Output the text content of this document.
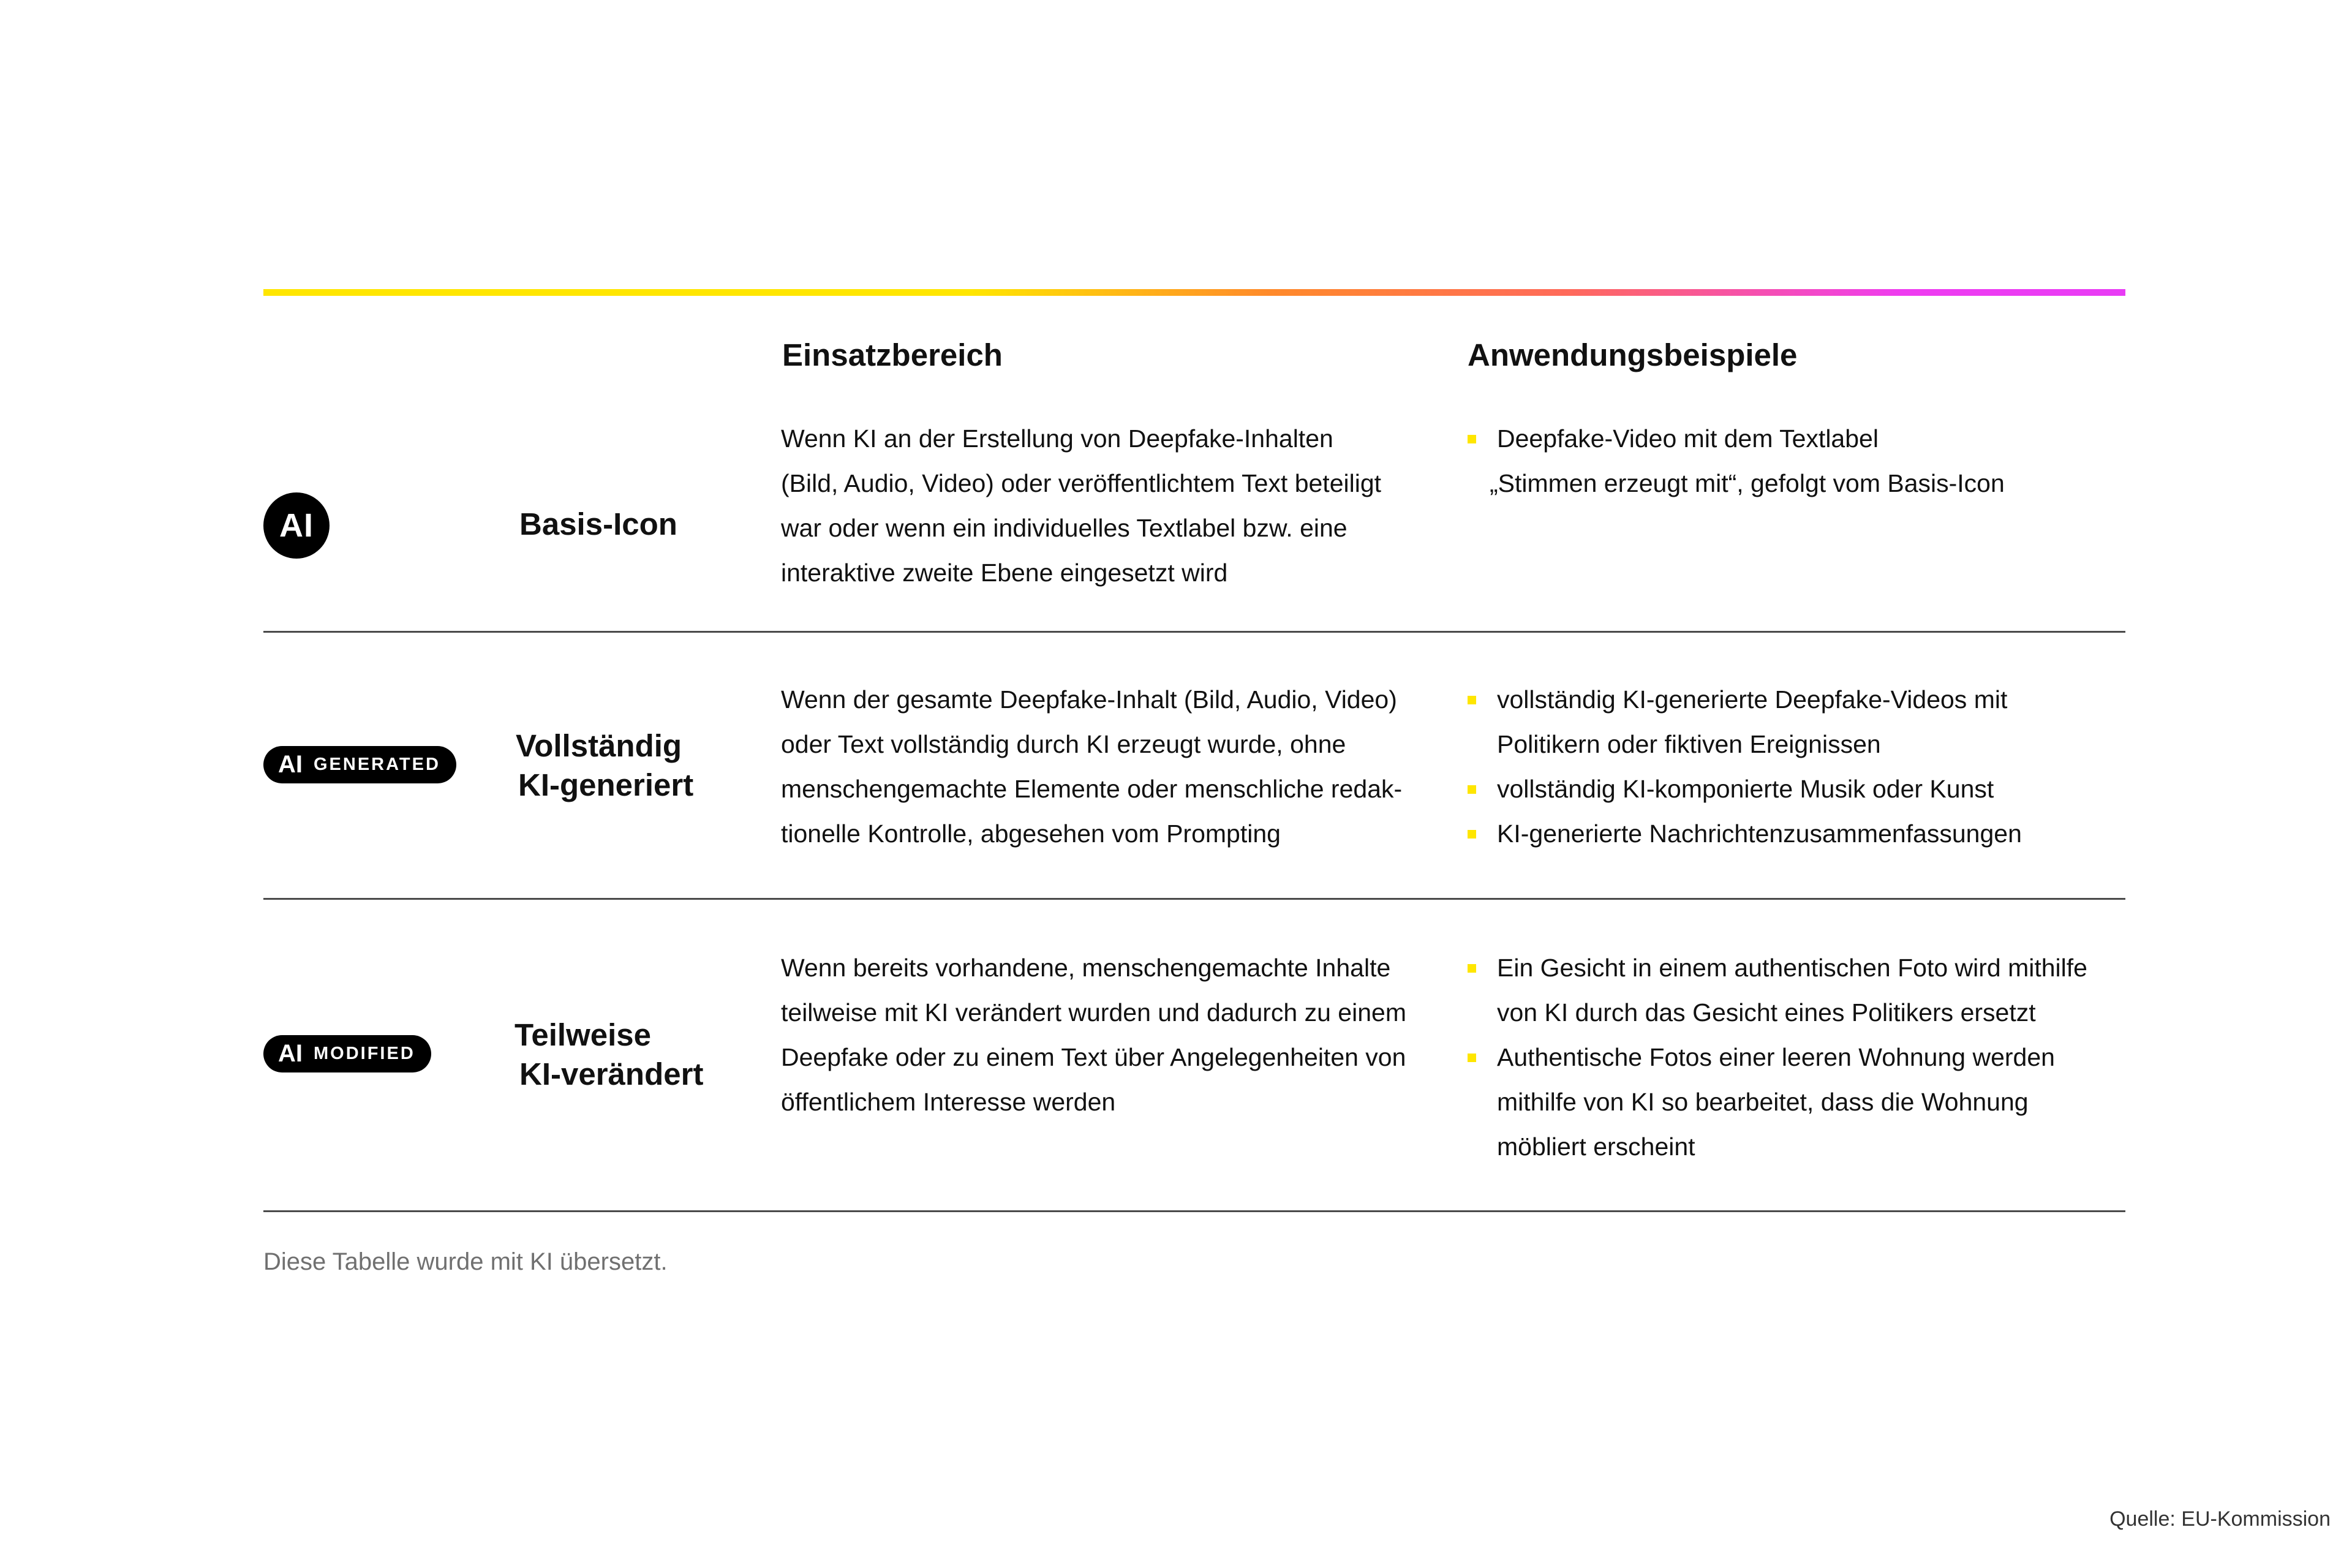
Einsatzbereich	Anwendungsbeispiele
AI	Basis-Icon

Wenn KI an der Erstellung von Deepfake-Inhalten

(Bild, Audio, Video) oder veröffentlichtem Text beteiligt

war oder wenn ein individuelles Textlabel bzw. eine

interaktive zweite Ebene eingesetzt wird

Deepfake-Video mit dem Textlabel
„Stimmen erzeugt mit“, gefolgt vom Basis-Icon
AI GENERATED
Vollständig
KI-generiert

Wenn der gesamte Deepfake-Inhalt (Bild, Audio, Video)

oder Text vollständig durch KI erzeugt wurde, ohne

menschengemachte Elemente oder menschliche redak-

tionelle Kontrolle, abgesehen vom Prompting

vollständig KI-generierte Deepfake-Videos mit
Politikern oder fiktiven Ereignissen
vollständig KI-komponierte Musik oder Kunst
KI-generierte Nachrichtenzusammenfassungen
AI MODIFIED
Teilweise
KI-verändert

Wenn bereits vorhandene, menschengemachte Inhalte

teilweise mit KI verändert wurden und dadurch zu einem

Deepfake oder zu einem Text über Angelegenheiten von

öffentlichem Interesse werden

Ein Gesicht in einem authentischen Foto wird mithilfe
von KI durch das Gesicht eines Politikers ersetzt
Authentische Fotos einer leeren Wohnung werden
mithilfe von KI so bearbeitet, dass die Wohnung
möbliert erscheint
Diese Tabelle wurde mit KI übersetzt.
Quelle: EU-Kommission
